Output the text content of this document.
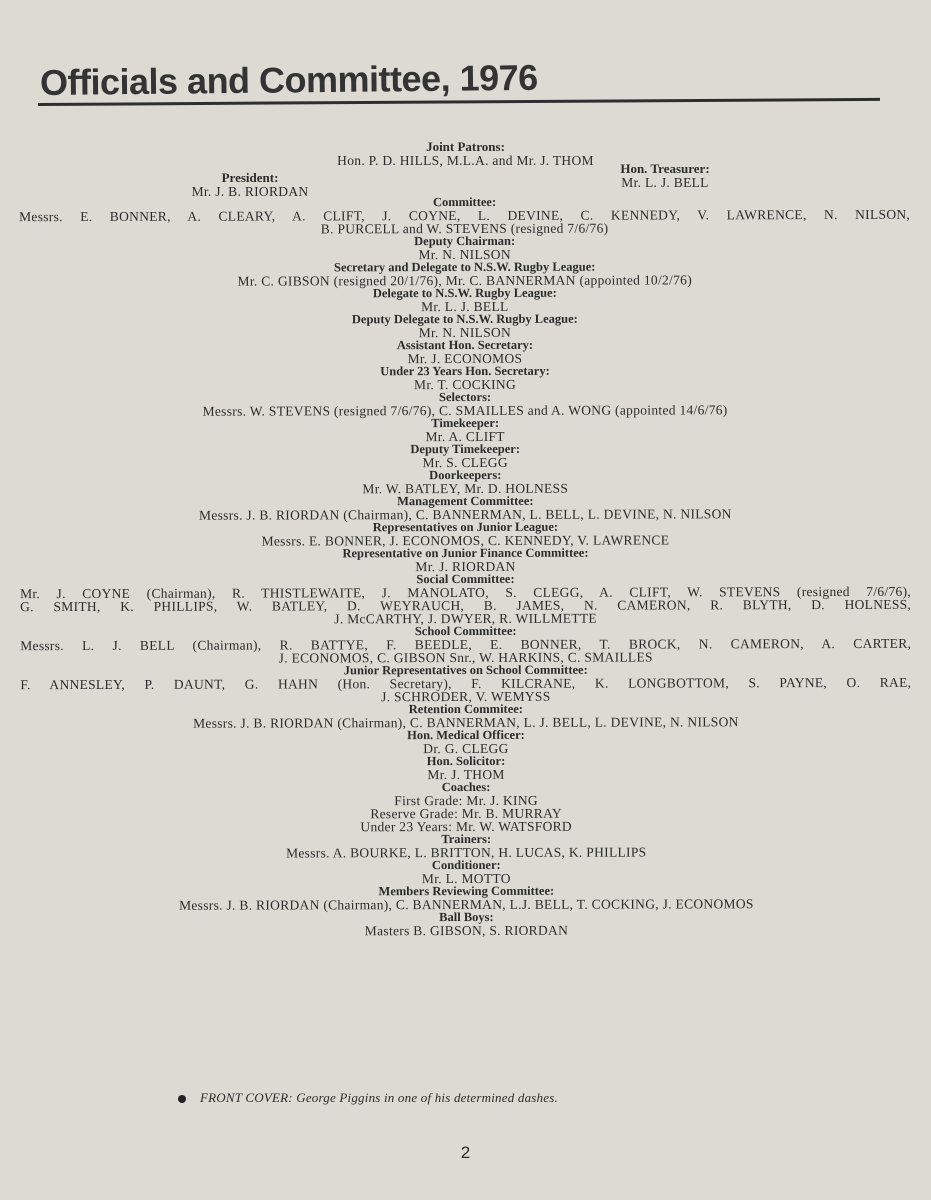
Officials and Committee, 1976
Joint Patrons:
Hon. P. D. HILLS, M.L.A. and Mr. J. THOM
President:
Mr. J. B. RIORDAN
Hon. Treasurer:
Mr. L. J. BELL
Committee:
Messrs. E. BONNER, A. CLEARY, A. CLIFT, J. COYNE, L. DEVINE, C. KENNEDY, V. LAWRENCE, N. NILSON,
B. PURCELL and W. STEVENS (resigned 7/6/76)
Deputy Chairman:
Mr. N. NILSON
Secretary and Delegate to N.S.W. Rugby League:
Mr. C. GIBSON (resigned 20/1/76), Mr. C. BANNERMAN (appointed 10/2/76)
Delegate to N.S.W. Rugby League:
Mr. L. J. BELL
Deputy Delegate to N.S.W. Rugby League:
Mr. N. NILSON
Assistant Hon. Secretary:
Mr. J. ECONOMOS
Under 23 Years Hon. Secretary:
Mr. T. COCKING
Selectors:
Messrs. W. STEVENS (resigned 7/6/76), C. SMAILLES and A. WONG (appointed 14/6/76)
Timekeeper:
Mr. A. CLIFT
Deputy Timekeeper:
Mr. S. CLEGG
Doorkeepers:
Mr. W. BATLEY, Mr. D. HOLNESS
Management Committee:
Messrs. J. B. RIORDAN (Chairman), C. BANNERMAN, L. BELL, L. DEVINE, N. NILSON
Representatives on Junior League:
Messrs. E. BONNER, J. ECONOMOS, C. KENNEDY, V. LAWRENCE
Representative on Junior Finance Committee:
Mr. J. RIORDAN
Social Committee:
Mr. J. COYNE (Chairman), R. THISTLEWAITE, J. MANOLATO, S. CLEGG, A. CLIFT, W. STEVENS (resigned 7/6/76),
G. SMITH, K. PHILLIPS, W. BATLEY, D. WEYRAUCH, B. JAMES, N. CAMERON, R. BLYTH, D. HOLNESS,
J. McCARTHY, J. DWYER, R. WILLMETTE
School Committee:
Messrs. L. J. BELL (Chairman), R. BATTYE, F. BEEDLE, E. BONNER, T. BROCK, N. CAMERON, A. CARTER,
J. ECONOMOS, C. GIBSON Snr., W. HARKINS, C. SMAILLES
Junior Representatives on School Committee:
F. ANNESLEY, P. DAUNT, G. HAHN (Hon. Secretary), F. KILCRANE, K. LONGBOTTOM, S. PAYNE, O. RAE,
J. SCHRODER, V. WEMYSS
Retention Commitee:
Messrs. J. B. RIORDAN (Chairman), C. BANNERMAN, L. J. BELL, L. DEVINE, N. NILSON
Hon. Medical Officer:
Dr. G. CLEGG
Hon. Solicitor:
Mr. J. THOM
Coaches:
First Grade: Mr. J. KING
Reserve Grade: Mr. B. MURRAY
Under 23 Years: Mr. W. WATSFORD
Trainers:
Messrs. A. BOURKE, L. BRITTON, H. LUCAS, K. PHILLIPS
Conditioner:
Mr. L. MOTTO
Members Reviewing Committee:
Messrs. J. B. RIORDAN (Chairman), C. BANNERMAN, L.J. BELL, T. COCKING, J. ECONOMOS
Ball Boys:
Masters B. GIBSON, S. RIORDAN
FRONT COVER: George Piggins in one of his determined dashes.
2
